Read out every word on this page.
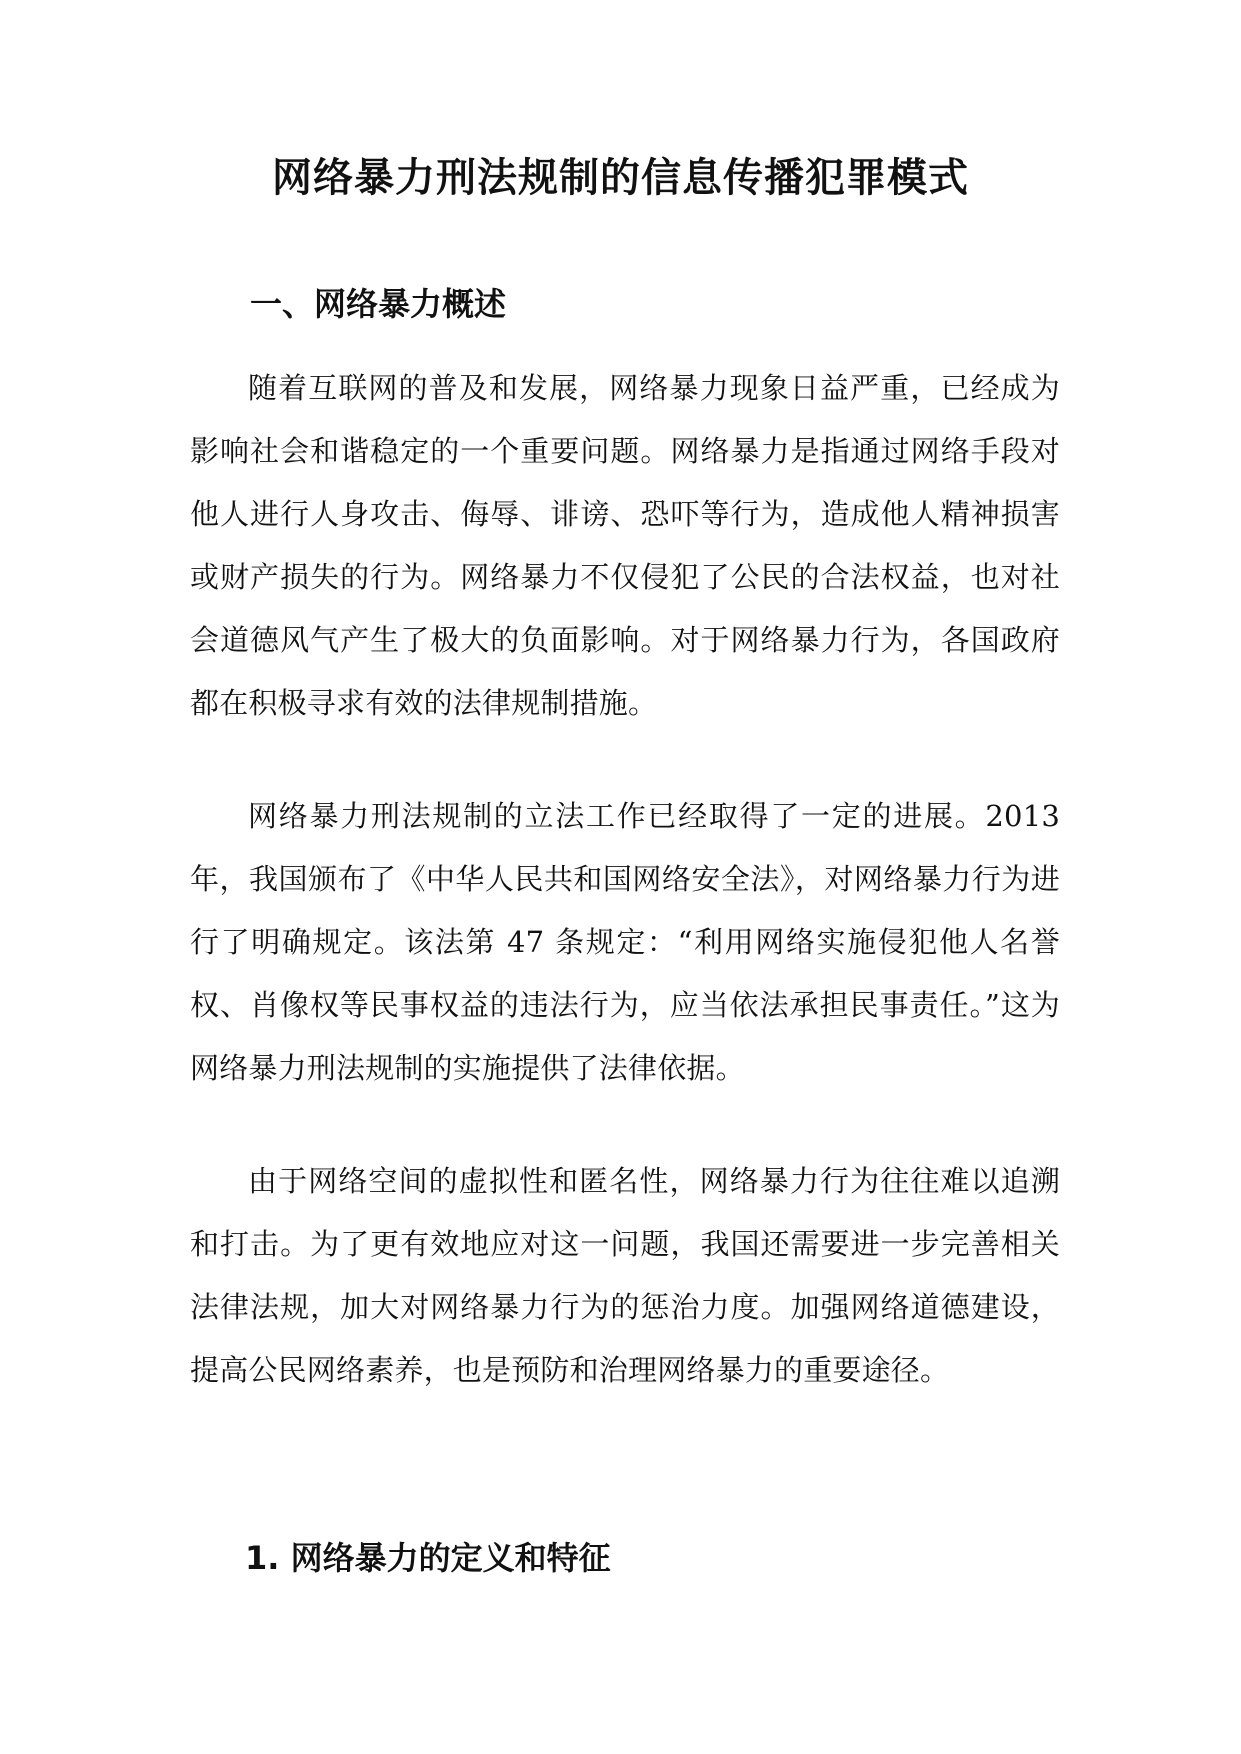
网络暴力刑法规制的信息传播犯罪模式
一、网络暴力概述

随着互联网的普及和发展，网络暴力现象日益严重，已经成为影响社会和谐稳定的一个重要问题。网络暴力是指通过网络手段对他人进行人身攻击、侮辱、诽谤、恐吓等行为，造成他人精神损害或财产损失的行为。网络暴力不仅侵犯了公民的合法权益，也对社会道德风气产生了极大的负面影响。对于网络暴力行为，各国政府都在积极寻求有效的法律规制措施。

网络暴力刑法规制的立法工作已经取得了一定的进展。2013 年，我国颁布了《中华人民共和国网络安全法》，对网络暴力行为进行了明确规定。该法第 47 条规定：“利用网络实施侵犯他人名誉权、肖像权等民事权益的违法行为，应当依法承担民事责任。”这为网络暴力刑法规制的实施提供了法律依据。

由于网络空间的虚拟性和匿名性，网络暴力行为往往难以追溯和打击。为了更有效地应对这一问题，我国还需要进一步完善相关法律法规，加大对网络暴力行为的惩治力度。加强网络道德建设，提高公民网络素养，也是预防和治理网络暴力的重要途径。

1. 网络暴力的定义和特征
